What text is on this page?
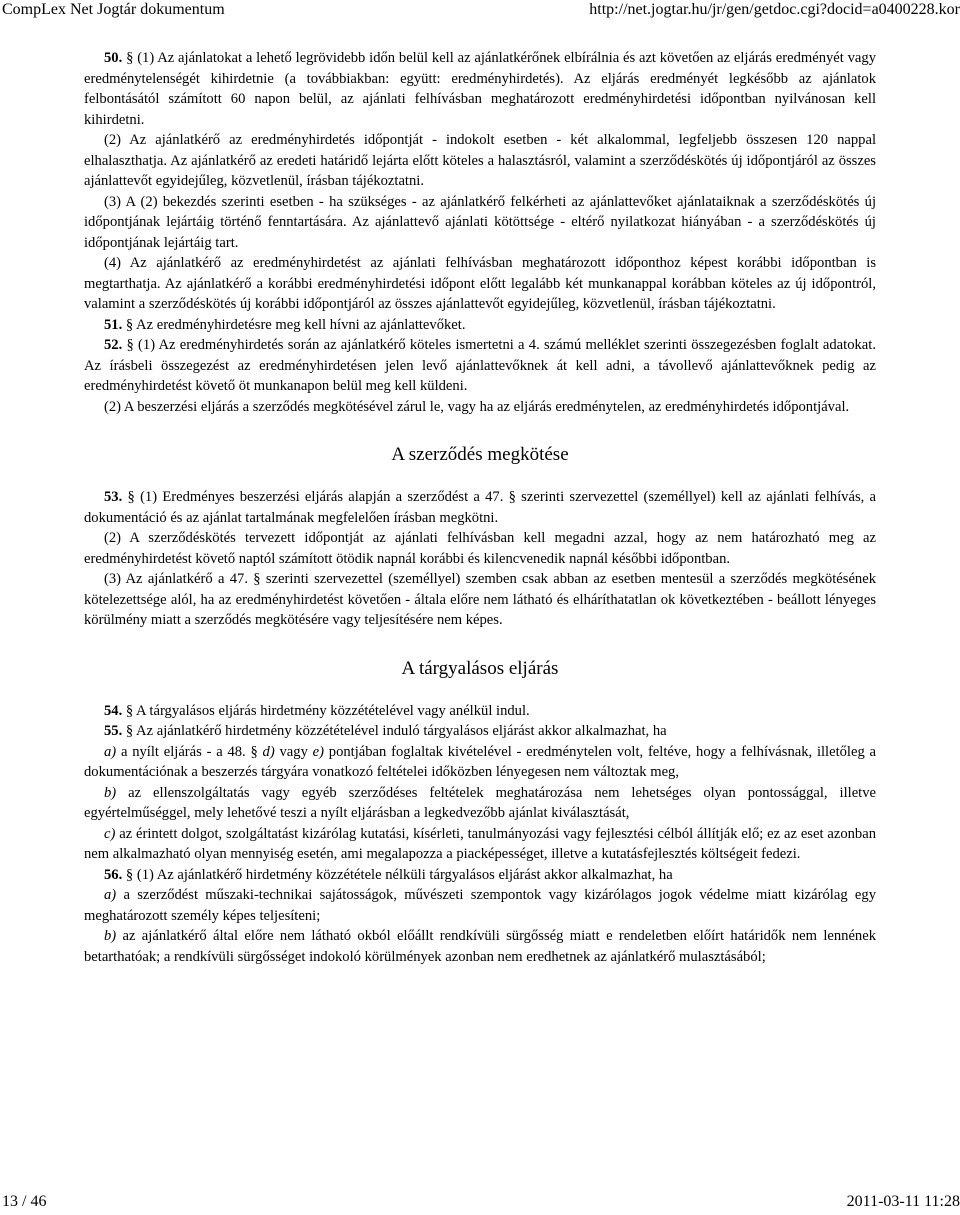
CompLex Net Jogtár dokumentum	http://net.jogtar.hu/jr/gen/getdoc.cgi?docid=a0400228.kor

50. § (1) Az ajánlatokat a lehető legrövidebb időn belül kell az ajánlatkérőnek elbírálnia és azt követően az eljárás eredményét vagy eredménytelenségét kihirdetnie (a továbbiakban: együtt: eredményhirdetés). Az eljárás eredményét legkésőbb az ajánlatok felbontásától számított 60 napon belül, az ajánlati felhívásban meghatározott eredményhirdetési időpontban nyilvánosan kell kihirdetni.

(2) Az ajánlatkérő az eredményhirdetés időpontját - indokolt esetben - két alkalommal, legfeljebb összesen 120 nappal elhalaszthatja. Az ajánlatkérő az eredeti határidő lejárta előtt köteles a halasztásról, valamint a szerződéskötés új időpontjáról az összes ajánlattevőt egyidejűleg, közvetlenül, írásban tájékoztatni.

(3) A (2) bekezdés szerinti esetben - ha szükséges - az ajánlatkérő felkérheti az ajánlattevőket ajánlataiknak a szerződéskötés új időpontjának lejártáig történő fenntartására. Az ajánlattevő ajánlati kötöttsége - eltérő nyilatkozat hiányában - a szerződéskötés új időpontjának lejártáig tart.

(4) Az ajánlatkérő az eredményhirdetést az ajánlati felhívásban meghatározott időponthoz képest korábbi időpontban is megtarthatja. Az ajánlatkérő a korábbi eredményhirdetési időpont előtt legalább két munkanappal korábban köteles az új időpontról, valamint a szerződéskötés új korábbi időpontjáról az összes ajánlattevőt egyidejűleg, közvetlenül, írásban tájékoztatni.

51. § Az eredményhirdetésre meg kell hívni az ajánlattevőket.

52. § (1) Az eredményhirdetés során az ajánlatkérő köteles ismertetni a 4. számú melléklet szerinti összegezésben foglalt adatokat. Az írásbeli összegezést az eredményhirdetésen jelen levő ajánlattevőknek át kell adni, a távollevő ajánlattevőknek pedig az eredményhirdetést követő öt munkanapon belül meg kell küldeni.

(2) A beszerzési eljárás a szerződés megkötésével zárul le, vagy ha az eljárás eredménytelen, az eredményhirdetés időpontjával.

A szerződés megkötése

53. § (1) Eredményes beszerzési eljárás alapján a szerződést a 47. § szerinti szervezettel (személlyel) kell az ajánlati felhívás, a dokumentáció és az ajánlat tartalmának megfelelően írásban megkötni.

(2) A szerződéskötés tervezett időpontját az ajánlati felhívásban kell megadni azzal, hogy az nem határozható meg az eredményhirdetést követő naptól számított ötödik napnál korábbi és kilencvenedik napnál későbbi időpontban.

(3) Az ajánlatkérő a 47. § szerinti szervezettel (személlyel) szemben csak abban az esetben mentesül a szerződés megkötésének kötelezettsége alól, ha az eredményhirdetést követően - általa előre nem látható és elháríthatatlan ok következtében - beállott lényeges körülmény miatt a szerződés megkötésére vagy teljesítésére nem képes.

A tárgyalásos eljárás

54. § A tárgyalásos eljárás hirdetmény közzétételével vagy anélkül indul.

55. § Az ajánlatkérő hirdetmény közzétételével induló tárgyalásos eljárást akkor alkalmazhat, ha

a) a nyílt eljárás - a 48. § d) vagy e) pontjában foglaltak kivételével - eredménytelen volt, feltéve, hogy a felhívásnak, illetőleg a dokumentációnak a beszerzés tárgyára vonatkozó feltételei időközben lényegesen nem változtak meg,

b) az ellenszolgáltatás vagy egyéb szerződéses feltételek meghatározása nem lehetséges olyan pontossággal, illetve egyértelműséggel, mely lehetővé teszi a nyílt eljárásban a legkedvezőbb ajánlat kiválasztását,

c) az érintett dolgot, szolgáltatást kizárólag kutatási, kísérleti, tanulmányozási vagy fejlesztési célból állítják elő; ez az eset azonban nem alkalmazható olyan mennyiség esetén, ami megalapozza a piacképességet, illetve a kutatásfejlesztés költségeit fedezi.

56. § (1) Az ajánlatkérő hirdetmény közzététele nélküli tárgyalásos eljárást akkor alkalmazhat, ha

a) a szerződést műszaki-technikai sajátosságok, művészeti szempontok vagy kizárólagos jogok védelme miatt kizárólag egy meghatározott személy képes teljesíteni;

b) az ajánlatkérő által előre nem látható okból előállt rendkívüli sürgősség miatt e rendeletben előírt határidők nem lennének betarthatóak; a rendkívüli sürgősséget indokoló körülmények azonban nem eredhetnek az ajánlatkérő mulasztásából;

13 / 46	2011-03-11 11:28
